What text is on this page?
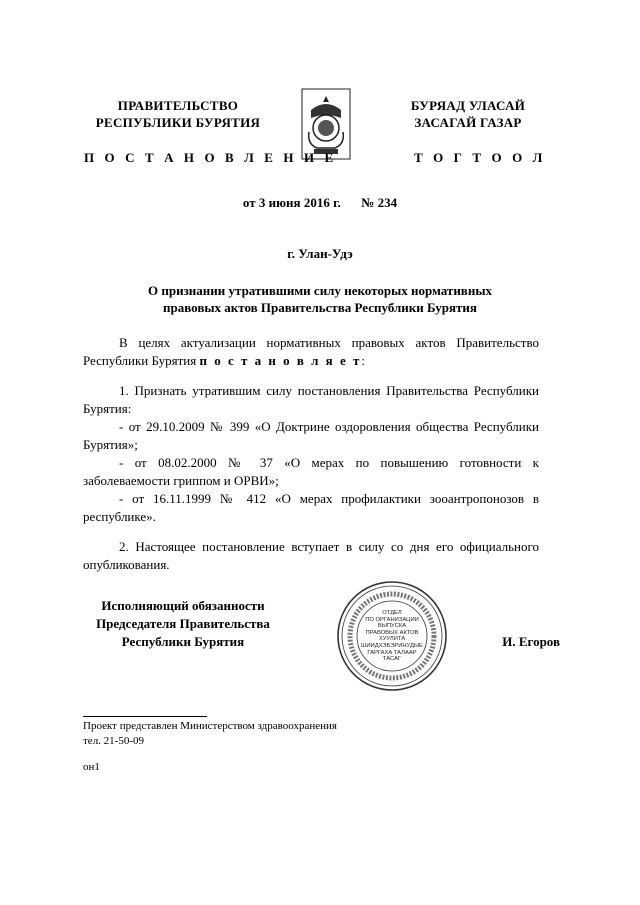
ПРАВИТЕЛЬСТВО
РЕСПУБЛИКИ БУРЯТИЯ
БУРЯАД УЛАСАЙ
ЗАСАГАЙ ГАЗАР
П О С Т А Н О В Л Е Н И Е	Т О Г Т О О Л
от 3 июня 2016 г. № 234
г. Улан-Удэ
О признании утратившими силу некоторых нормативных
правовых актов Правительства Республики Бурятия
В целях актуализации нормативных правовых актов Правительство Республики Бурятия п о с т а н о в л я е т:
1. Признать утратившим силу постановления Правительства Республики Бурятия:
- от 29.10.2009 № 399 «О Доктрине оздоровления общества Республики Бурятия»;
- от 08.02.2000 № 37 «О мерах по повышению готовности к заболеваемости гриппом и ОРВИ»;
- от 16.11.1999 № 412 «О мерах профилактики зооантропонозов в республике».
2. Настоящее постановление вступает в силу со дня его официального опубликования.
Исполняющий обязанности
Председателя Правительства
Республики Бурятия
ОТДЕЛ
ПО ОРГАНИЗАЦИИ
ВЫПУСКА
ПРАВОВЫХ АКТОВ
ХУУЛИТА
ШИИДХЭБЭРИНУДЫЕ
ГАРГАХА ТАЛААР
ТАСАГ
И. Егоров
Проект представлен Министерством здравоохранения
тел. 21-50-09
он1
